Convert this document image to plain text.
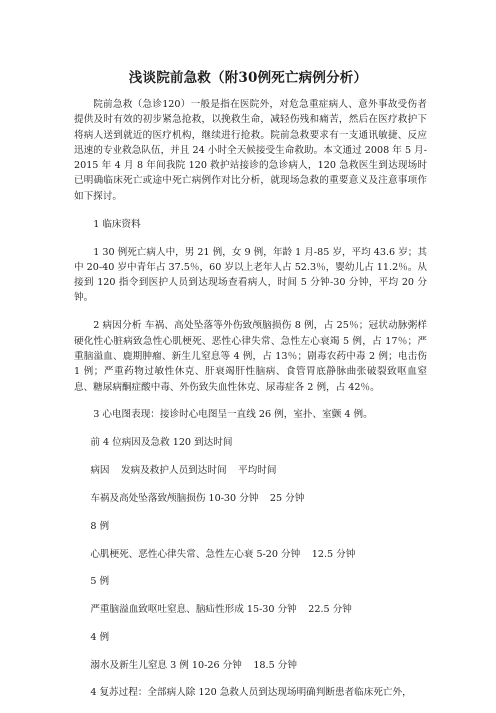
浅谈院前急救（附30例死亡病例分析）

院前急救（急诊120）一般是指在医院外，对危急重症病人、意外事故受伤者提供及时有效的初步紧急抢救，以挽救生命，减轻伤残和痛苦，然后在医疗救护下将病人送到就近的医疗机构，继续进行抢救。院前急救要求有一支通讯敏捷、反应迅速的专业救急队伍，并且 24 小时全天候接受生命救助。本文通过 2008 年 5 月-2015 年 4 月 8 年间我院 120 救护站接诊的急诊病人，120 急救医生到达现场时已明确临床死亡或途中死亡病例作对比分析，就现场急救的重要意义及注意事项作如下探讨。

1 临床资料

1 30 例死亡病人中，男 21 例，女 9 例，年龄 1 月-85 岁，平均 43.6 岁；其中 20-40 岁中青年占 37.5％，60 岁以上老年人占 52.3％，婴幼儿占 11.2％。从接到 120 指令到医护人员到达现场查看病人，时间 5 分钟-30 分钟，平均 20 分钟。

2 病因分析 车祸、高处坠落等外伤致颅脑损伤 8 例，占 25％；冠状动脉粥样硬化性心脏病致急性心肌梗死、恶性心律失常、急性左心衰竭 5 例，占 17％；严重脑溢血、鹿期肿瘤、新生儿窒息等 4 例，占 13％；剧毒农药中毒 2 例；电击伤 1 例；严重药物过敏性休克、肝衰竭肝性脑病、食管胃底静脉曲张破裂致呕血窒息、糖尿病酮症酸中毒、外伤致失血性休克、尿毒症各 2 例，占 42％。

3 心电图表现：接诊时心电图呈一直线 26 例，室扑、室颤 4 例。

前 4 位病因及急救 120 到达时间
病因 发病及救护人员到达时间 平均时间
车祸及高处坠落致颅脑损伤 10-30 分钟 25 分钟
8 例
心肌梗死、恶性心律失常、急性左心衰 5-20 分钟 12.5 分钟
5 例
严重脑溢血致呕吐窒息、脑疝性形成 15-30 分钟 22.5 分钟
4 例
溺水及新生儿窒息 3 例 10-26 分钟 18.5 分钟
4 复苏过程：全部病人除 120 急救人员到达现场明确判断患者临床死亡外，
